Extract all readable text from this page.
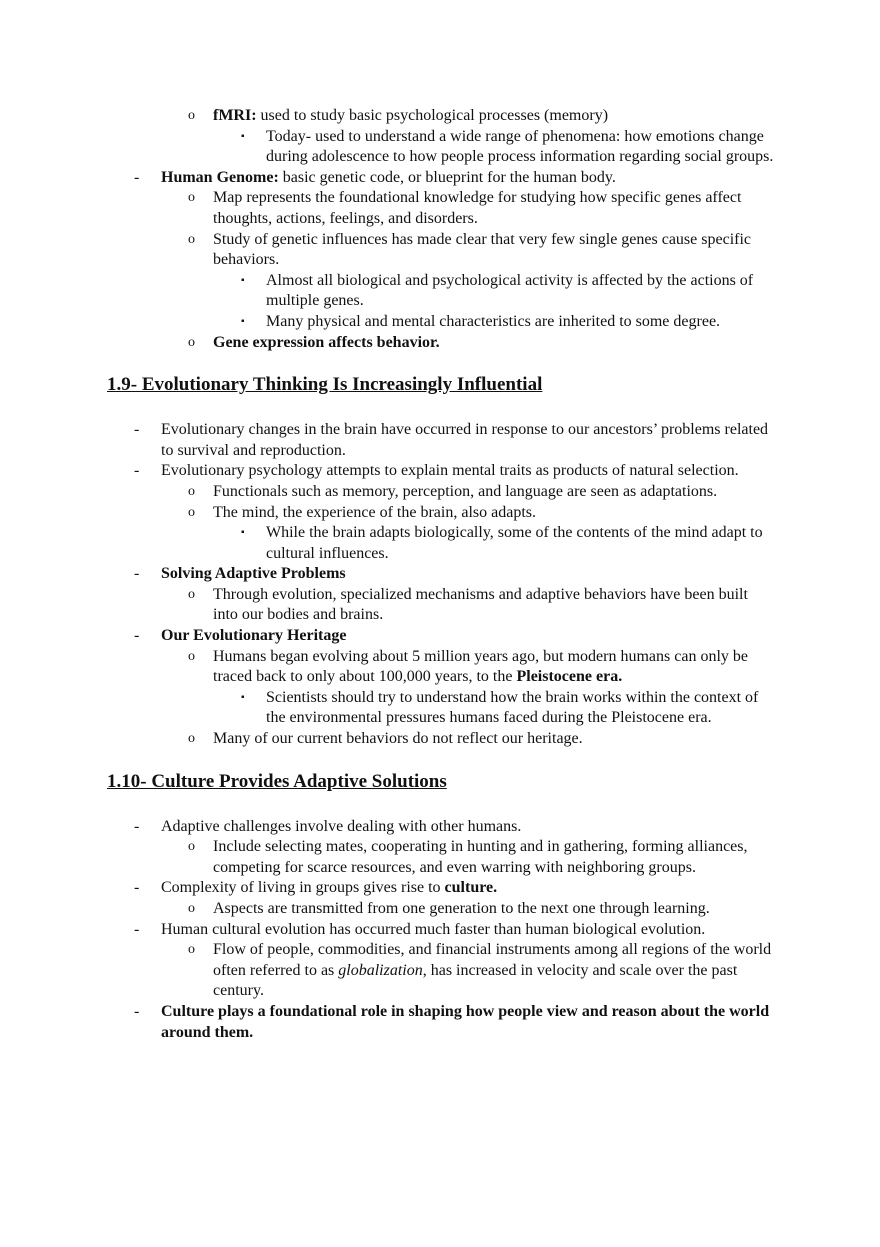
o fMRI: used to study basic psychological processes (memory)
▪ Today- used to understand a wide range of phenomena: how emotions change during adolescence to how people process information regarding social groups.
- Human Genome: basic genetic code, or blueprint for the human body.
o Map represents the foundational knowledge for studying how specific genes affect thoughts, actions, feelings, and disorders.
o Study of genetic influences has made clear that very few single genes cause specific behaviors.
▪ Almost all biological and psychological activity is affected by the actions of multiple genes.
▪ Many physical and mental characteristics are inherited to some degree.
o Gene expression affects behavior.
1.9- Evolutionary Thinking Is Increasingly Influential
- Evolutionary changes in the brain have occurred in response to our ancestors’ problems related to survival and reproduction.
- Evolutionary psychology attempts to explain mental traits as products of natural selection.
o Functionals such as memory, perception, and language are seen as adaptations.
o The mind, the experience of the brain, also adapts.
▪ While the brain adapts biologically, some of the contents of the mind adapt to cultural influences.
- Solving Adaptive Problems
o Through evolution, specialized mechanisms and adaptive behaviors have been built into our bodies and brains.
- Our Evolutionary Heritage
o Humans began evolving about 5 million years ago, but modern humans can only be traced back to only about 100,000 years, to the Pleistocene era.
▪ Scientists should try to understand how the brain works within the context of the environmental pressures humans faced during the Pleistocene era.
o Many of our current behaviors do not reflect our heritage.
1.10- Culture Provides Adaptive Solutions
- Adaptive challenges involve dealing with other humans.
o Include selecting mates, cooperating in hunting and in gathering, forming alliances, competing for scarce resources, and even warring with neighboring groups.
- Complexity of living in groups gives rise to culture.
o Aspects are transmitted from one generation to the next one through learning.
- Human cultural evolution has occurred much faster than human biological evolution.
o Flow of people, commodities, and financial instruments among all regions of the world often referred to as globalization, has increased in velocity and scale over the past century.
- Culture plays a foundational role in shaping how people view and reason about the world around them.
